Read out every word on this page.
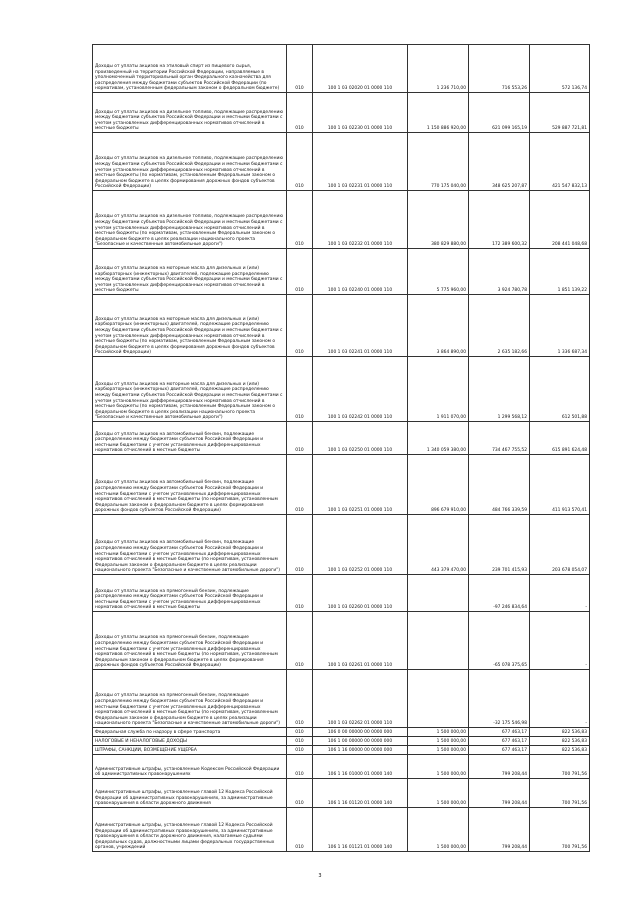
Доходы от уплаты акцизов на этиловый спирт из пищевого сырья, произведенный на территории Российской Федерации, направляемые в уполномоченный территориальный орган Федерального казначейства для распределения между бюджетами субъектов Российской Федерации (по нормативам, установленным федеральным законом о федеральном бюджете)	010	100 1 03 02020 01 0000 110	1 236 710,00	716 553,26	572 136,74
Доходы от уплаты акцизов на дизельное топливо, подлежащие распределению между бюджетами субъектов Российской Федерации и местными бюджетами с учетом установленных дифференцированных нормативов отчислений в местные бюджеты	010	100 1 03 02230 01 0000 110	1 150 886 920,00	621 099 165,19	529 887 721,81
Доходы от уплаты акцизов на дизельное топливо, подлежащие распределению между бюджетами субъектов Российской Федерации и местными бюджетами с учетом установленных дифференцированных нормативов отчислений в местные бюджеты (по нормативам, установленным Федеральным законом о федеральном бюджете в целях формирования дорожных фондов субъектов Российской Федерации)	010	100 1 03 02231 01 0000 110	770 175 040,00	348 625 207,87	421 547 832,13
Доходы от уплаты акцизов на дизельное топливо, подлежащие распределению между бюджетами субъектов Российской Федерации и местными бюджетами с учетом установленных дифференцированных нормативов отчислений в местные бюджеты (по нормативам, установленным Федеральным законом о федеральном бюджете в целях реализации национального проекта "Безопасные и качественные автомобильные дороги")	010	100 1 03 02232 01 0000 110	380 829 880,00	172 389 600,32	208 441 048,68
Доходы от уплаты акцизов на моторные масла для дизельных и (или) карбюраторных (инжекторных) двигателей, подлежащие распределению между бюджетами субъектов Российской Федерации и местными бюджетами с учетом установленных дифференцированных нормативов отчислений в местные бюджеты	010	100 1 03 02240 01 0000 110	5 775 960,00	3 924 780,78	1 851 139,22
Доходы от уплаты акцизов на моторные масла для дизельных и (или) карбюраторных (инжекторных) двигателей, подлежащие распределению между бюджетами субъектов Российской Федерации и местными бюджетами с учетом установленных дифференцированных нормативов отчислений в местные бюджеты (по нормативам, установленным Федеральным законом о федеральном бюджете в целях формирования дорожных фондов субъектов Российской Федерации)	010	100 1 03 02241 01 0000 110	3 864 890,00	2 635 182,66	1 336 687,34
Доходы от уплаты акцизов на моторные масла для дизельных и (или) карбюраторных (инжекторных) двигателей, подлежащие распределению между бюджетами субъектов Российской Федерации и местными бюджетами с учетом установленных дифференцированных нормативов отчислений в местные бюджеты (по нормативам, установленным Федеральным законом о федеральном бюджете в целях реализации национального проекта "Безопасные и качественные автомобильные дороги")	010	100 1 03 02242 01 0000 110	1 911 070,00	1 299 568,12	612 501,88
Доходы от уплаты акцизов на автомобильный бензин, подлежащие распределению между бюджетами субъектов Российской Федерации и местными бюджетами с учетом установленных дифференцированных нормативов отчислений в местные бюджеты	010	100 1 03 02250 01 0000 110	1 340 059 380,00	734 467 755,52	615 891 624,48
Доходы от уплаты акцизов на автомобильный бензин, подлежащие распределению между бюджетами субъектов Российской Федерации и местными бюджетами с учетом установленных дифференцированных нормативов отчислений в местные бюджеты (по нормативам, установленным Федеральным законом о федеральном бюджете в целях формирования дорожных фондов субъектов Российской Федерации)	010	100 1 03 02251 01 0000 110	896 679 910,00	484 766 339,59	411 913 570,41
Доходы от уплаты акцизов на автомобильный бензин, подлежащие распределению между бюджетами субъектов Российской Федерации и местными бюджетами с учетом установленных дифференцированных нормативов отчислений в местные бюджеты (по нормативам, установленным Федеральным законом о федеральном бюджете в целях реализации национального проекта "Безопасные и качественные автомобильные дороги")	010	100 1 03 02252 01 0000 110	443 379 470,00	239 701 415,93	203 678 054,07
Доходы от уплаты акцизов на прямогонный бензин, подлежащие распределению между бюджетами субъектов Российской Федерации и местными бюджетами с учетом установленных дифференцированных нормативов отчислений в местные бюджеты	010	100 1 03 02260 01 0000 110		-97 246 834,64	-
Доходы от уплаты акцизов на прямогонный бензин, подлежащие распределению между бюджетами субъектов Российской Федерации и местными бюджетами с учетом установленных дифференцированных нормативов отчислений в местные бюджеты (по нормативам, установленным Федеральным законом о федеральном бюджете в целях формирования дорожных фондов субъектов Российской Федерации)	010	100 1 03 02261 01 0000 110		-65 078 375,65	-
Доходы от уплаты акцизов на прямогонный бензин, подлежащие распределению между бюджетами субъектов Российской Федерации и местными бюджетами с учетом установленных дифференцированных нормативов отчислений в местные бюджеты (по нормативам, установленным Федеральным законом о федеральном бюджете в целях реализации национального проекта "Безопасные и качественные автомобильные дороги")	010	100 1 03 02262 01 0000 110		-32 175 546,98	-
Федеральная служба по надзору в сфере транспорта	010	106 0 00 00000 00 0000 000	1 500 000,00	677 463,17	822 536,83
НАЛОГОВЫЕ И НЕНАЛОГОВЫЕ ДОХОДЫ	010	106 1 00 00000 00 0000 000	1 500 000,00	677 463,17	822 536,83
ШТРАФЫ, САНКЦИИ, ВОЗМЕЩЕНИЕ УЩЕРБА	010	106 1 16 00000 00 0000 000	1 500 000,00	677 463,17	822 536,83
Административные штрафы, установленные Кодексом Российской Федерации об административных правонарушениях	010	106 1 16 01000 01 0000 140	1 500 000,00	799 208,44	700 791,56
Административные штрафы, установленные главой 12 Кодекса Российской Федерации об административных правонарушениях, за административные правонарушения в области дорожного движения	010	106 1 16 01120 01 0000 140	1 500 000,00	799 208,44	700 791,56
Административные штрафы, установленные главой 12 Кодекса Российской Федерации об административных правонарушениях, за административные правонарушения в области дорожного движения, налагаемые судьями федеральных судов, должностными лицами федеральных государственных органов, учреждений	010	106 1 16 01121 01 0000 140	1 500 000,00	799 208,44	700 791,56
3
